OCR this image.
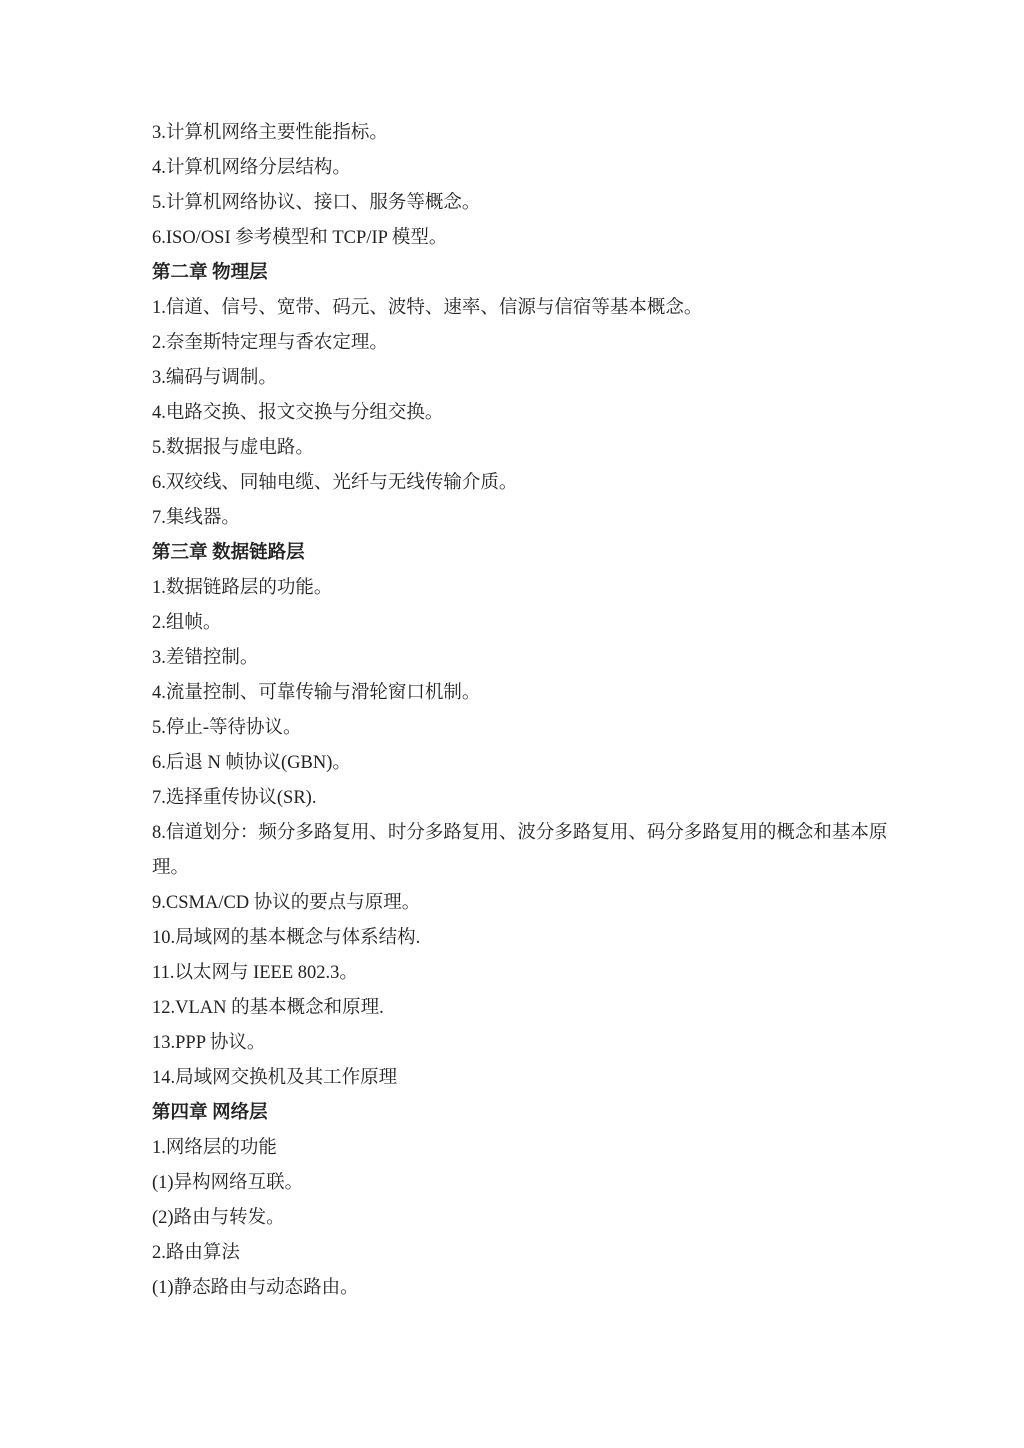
3.计算机网络主要性能指标。

4.计算机网络分层结构。

5.计算机网络协议、接口、服务等概念。

6.ISO/OSI 参考模型和 TCP/IP 模型。

第二章 物理层

1.信道、信号、宽带、码元、波特、速率、信源与信宿等基本概念。

2.奈奎斯特定理与香农定理。

3.编码与调制。

4.电路交换、报文交换与分组交换。

5.数据报与虚电路。

6.双绞线、同轴电缆、光纤与无线传输介质。

7.集线器。

第三章 数据链路层

1.数据链路层的功能。

2.组帧。

3.差错控制。

4.流量控制、可靠传输与滑轮窗口机制。

5.停止-等待协议。

6.后退 N 帧协议(GBN)。

7.选择重传协议(SR).

8.信道划分：频分多路复用、时分多路复用、波分多路复用、码分多路复用的概念和基本原

理。

9.CSMA/CD 协议的要点与原理。

10.局域网的基本概念与体系结构.

11.以太网与 IEEE 802.3。

12.VLAN 的基本概念和原理.

13.PPP 协议。

14.局域网交换机及其工作原理

第四章 网络层

1.网络层的功能

(1)异构网络互联。

(2)路由与转发。

2.路由算法

(1)静态路由与动态路由。
